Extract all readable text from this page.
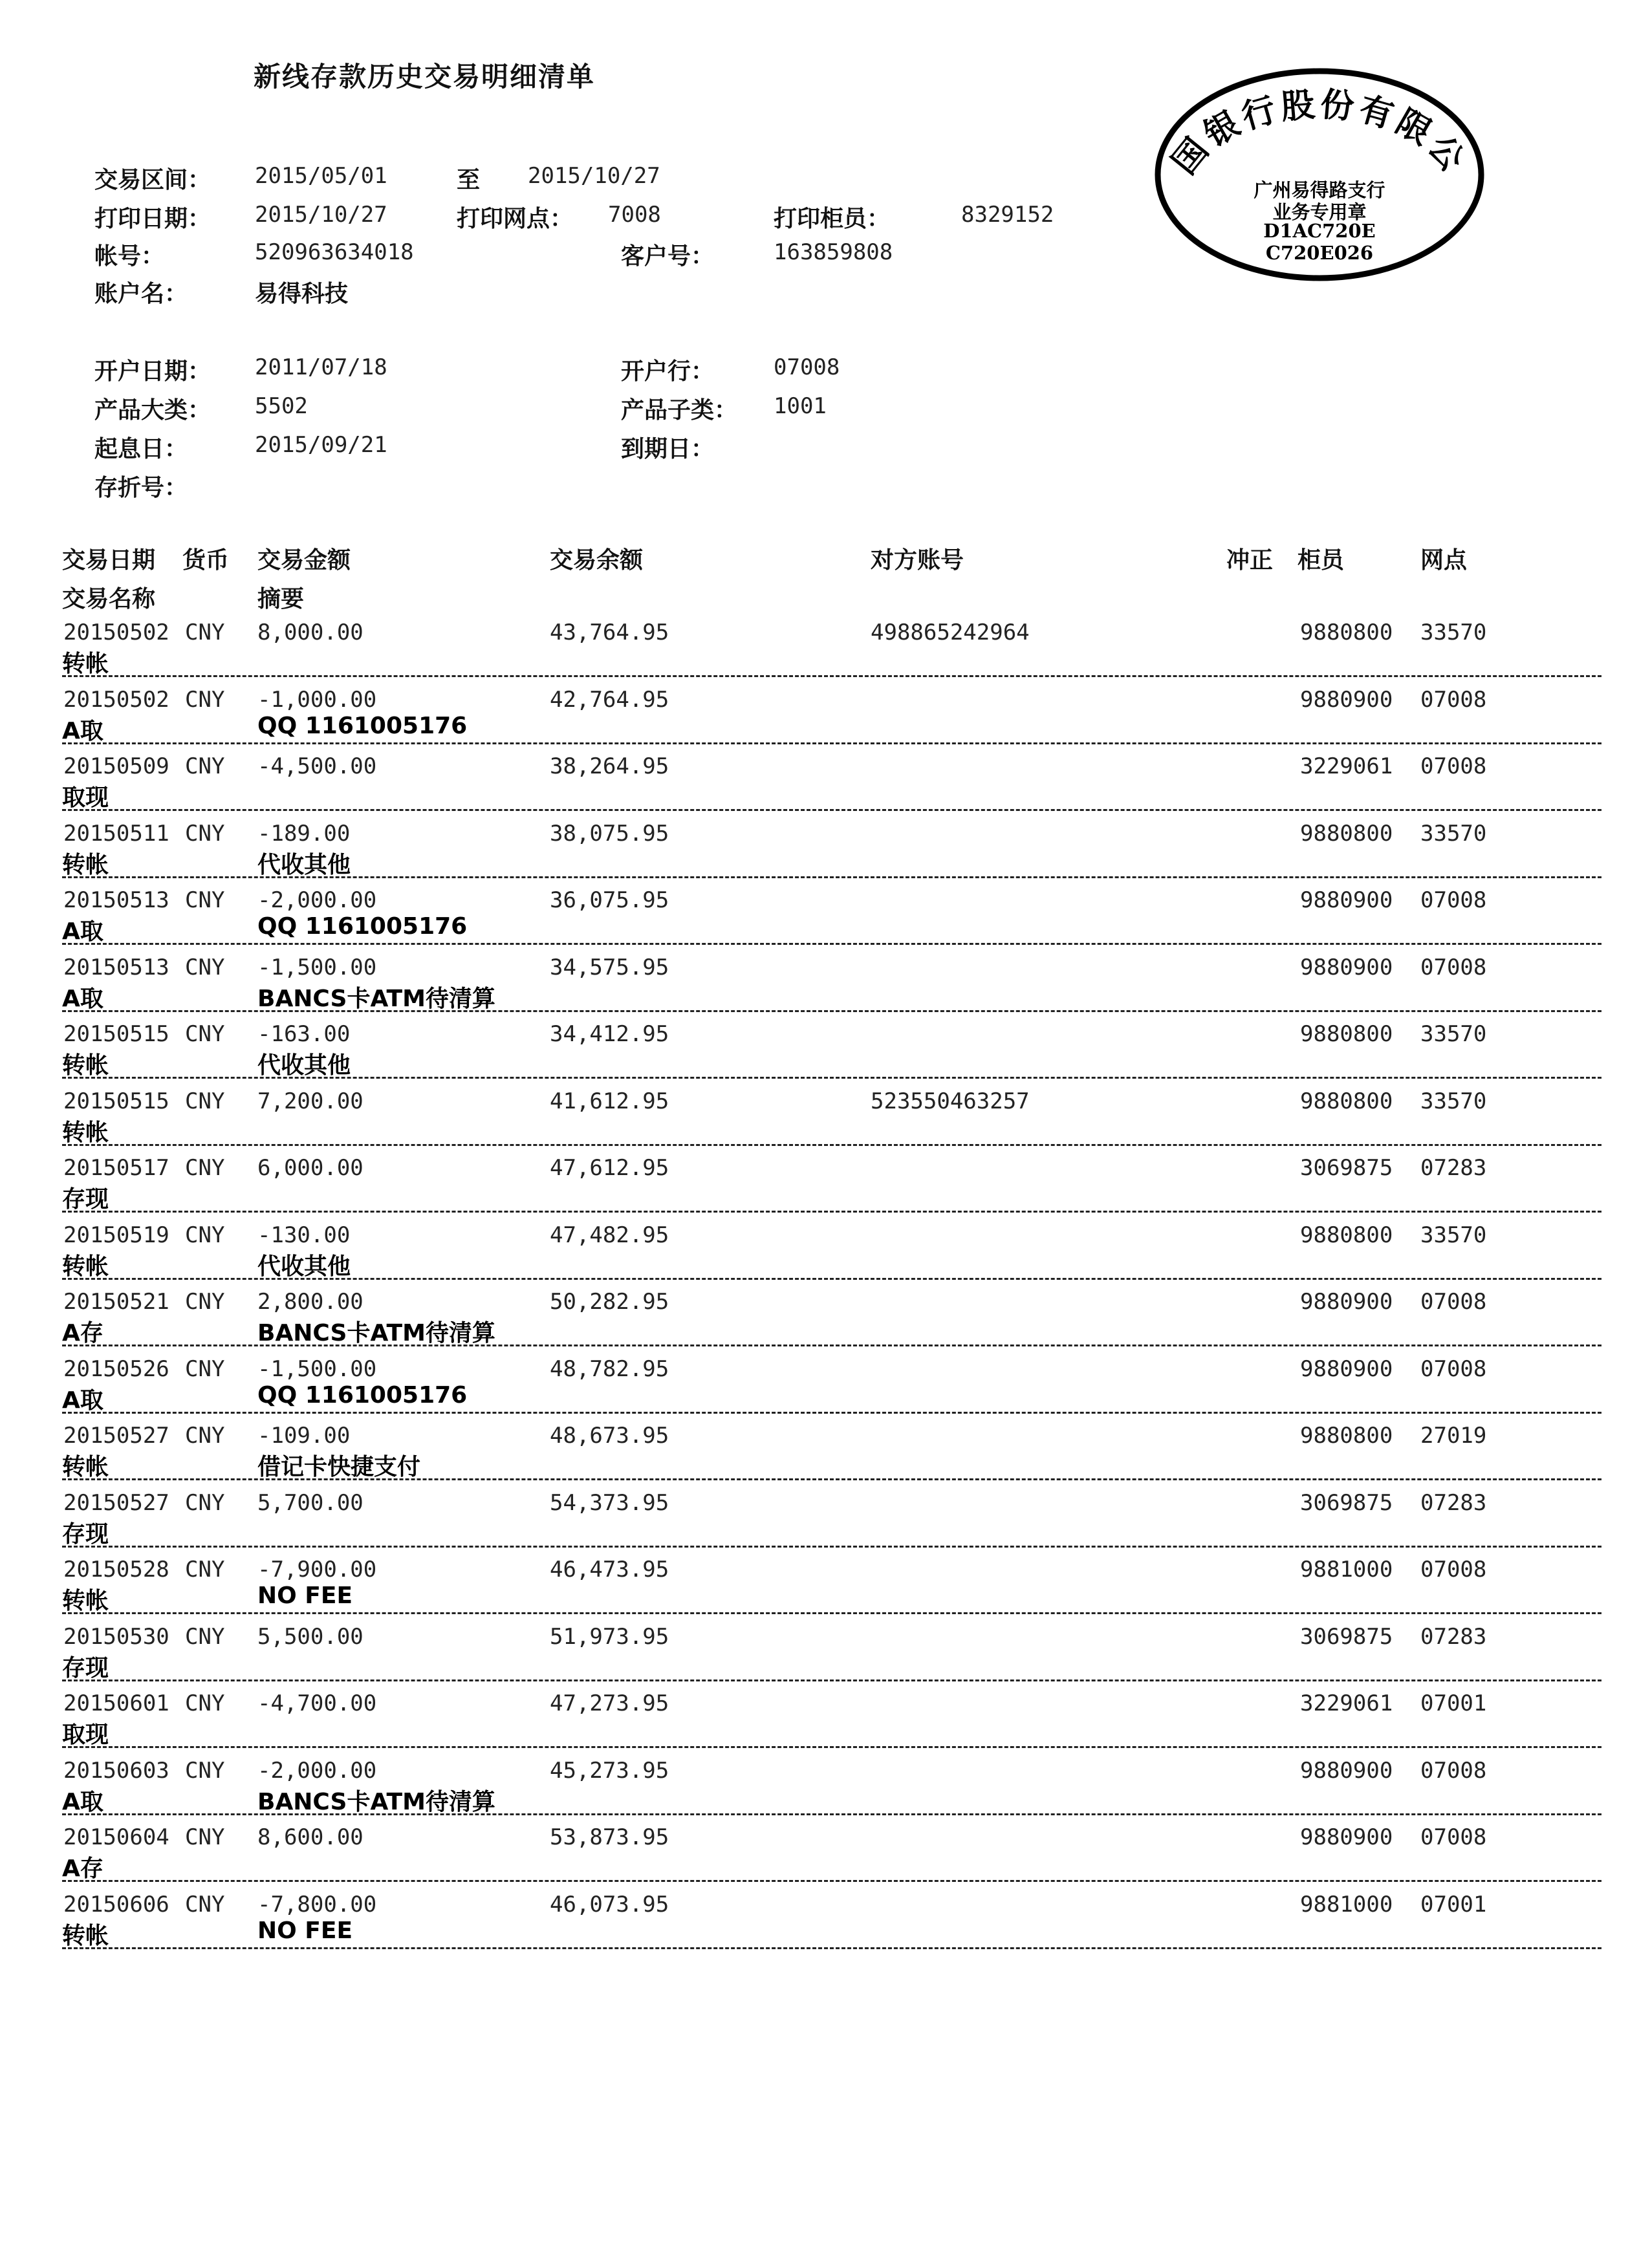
新线存款历史交易明细清单
交易区间： 2015/05/01	至 2015/10/27
打印日期： 2015/10/27	打印网点： 7008	打印柜员：	8329152
帐号：	520963634018	客户号：	163859808
账户名：	易得科技
开户日期： 2011/07/18	开户行：	07008
产品大类： 5502	产品子类： 1001
起息日：	2015/09/21	到期日：
存折号：
国银行股份有限公
广州易得路支行
业务专用章
D1AC720E
C720E026
交易日期 货币 交易金额	交易余额	对方账号	冲正 柜员	网点
交易名称	摘要
20150502 CNY 8,000.00	43,764.95	498865242964	9880800 33570
转帐
20150502 CNY -1,000.00	42,764.95	9880900 07008
A取	QQ 1161005176
20150509 CNY -4,500.00	38,264.95	3229061 07008
取现
20150511 CNY -189.00	38,075.95	9880800 33570
转帐	代收其他
20150513 CNY -2,000.00	36,075.95	9880900 07008
A取	QQ 1161005176
20150513 CNY -1,500.00	34,575.95	9880900 07008
A取	BANCS卡ATM待清算
20150515 CNY -163.00	34,412.95	9880800 33570
转帐	代收其他
20150515 CNY 7,200.00	41,612.95	523550463257	9880800 33570
转帐
20150517 CNY 6,000.00	47,612.95	3069875 07283
存现
20150519 CNY -130.00	47,482.95	9880800 33570
转帐	代收其他
20150521 CNY 2,800.00	50,282.95	9880900 07008
A存	BANCS卡ATM待清算
20150526 CNY -1,500.00	48,782.95	9880900 07008
A取	QQ 1161005176
20150527 CNY -109.00	48,673.95	9880800 27019
转帐	借记卡快捷支付
20150527 CNY 5,700.00	54,373.95	3069875 07283
存现
20150528 CNY -7,900.00	46,473.95	9881000 07008
转帐	NO FEE
20150530 CNY 5,500.00	51,973.95	3069875 07283
存现
20150601 CNY -4,700.00	47,273.95	3229061 07001
取现
20150603 CNY -2,000.00	45,273.95	9880900 07008
A取	BANCS卡ATM待清算
20150604 CNY 8,600.00	53,873.95	9880900 07008
A存
20150606 CNY -7,800.00	46,073.95	9881000 07001
转帐	NO FEE
